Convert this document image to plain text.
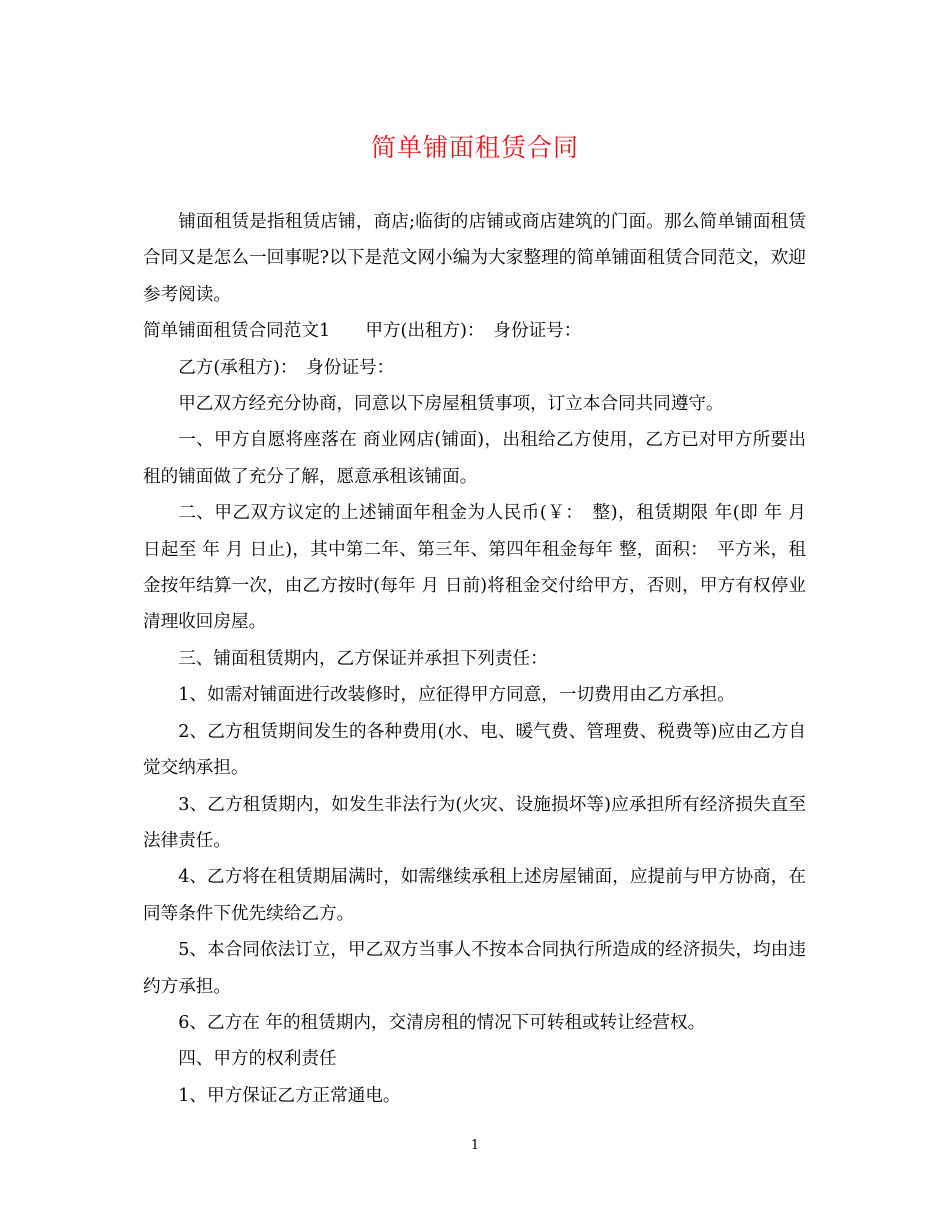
简单铺面租赁合同

铺面租赁是指租赁店铺，商店;临街的店铺或商店建筑的门面。那么简单铺面租赁合同又是怎么一回事呢?以下是范文网小编为大家整理的简单铺面租赁合同范文，欢迎参考阅读。

简单铺面租赁合同范文1　　甲方(出租方)：　身份证号：

乙方(承租方)：　身份证号：

甲乙双方经充分协商，同意以下房屋租赁事项，订立本合同共同遵守。

一、甲方自愿将座落在 商业网店(铺面)，出租给乙方使用，乙方已对甲方所要出租的铺面做了充分了解，愿意承租该铺面。

二、甲乙双方议定的上述铺面年租金为人民币(￥：　整)，租赁期限 年(即 年 月 日起至 年 月 日止)，其中第二年、第三年、第四年租金每年 整，面积：　平方米，租金按年结算一次，由乙方按时(每年 月 日前)将租金交付给甲方，否则，甲方有权停业清理收回房屋。

三、铺面租赁期内，乙方保证并承担下列责任：

1、如需对铺面进行改装修时，应征得甲方同意，一切费用由乙方承担。

2、乙方租赁期间发生的各种费用(水、电、暖气费、管理费、税费等)应由乙方自觉交纳承担。

3、乙方租赁期内，如发生非法行为(火灾、设施损坏等)应承担所有经济损失直至法律责任。

4、乙方将在租赁期届满时，如需继续承租上述房屋铺面，应提前与甲方协商，在同等条件下优先续给乙方。

5、本合同依法订立，甲乙双方当事人不按本合同执行所造成的经济损失，均由违约方承担。

6、乙方在 年的租赁期内，交清房租的情况下可转租或转让经营权。

四、甲方的权利责任

1、甲方保证乙方正常通电。

1
